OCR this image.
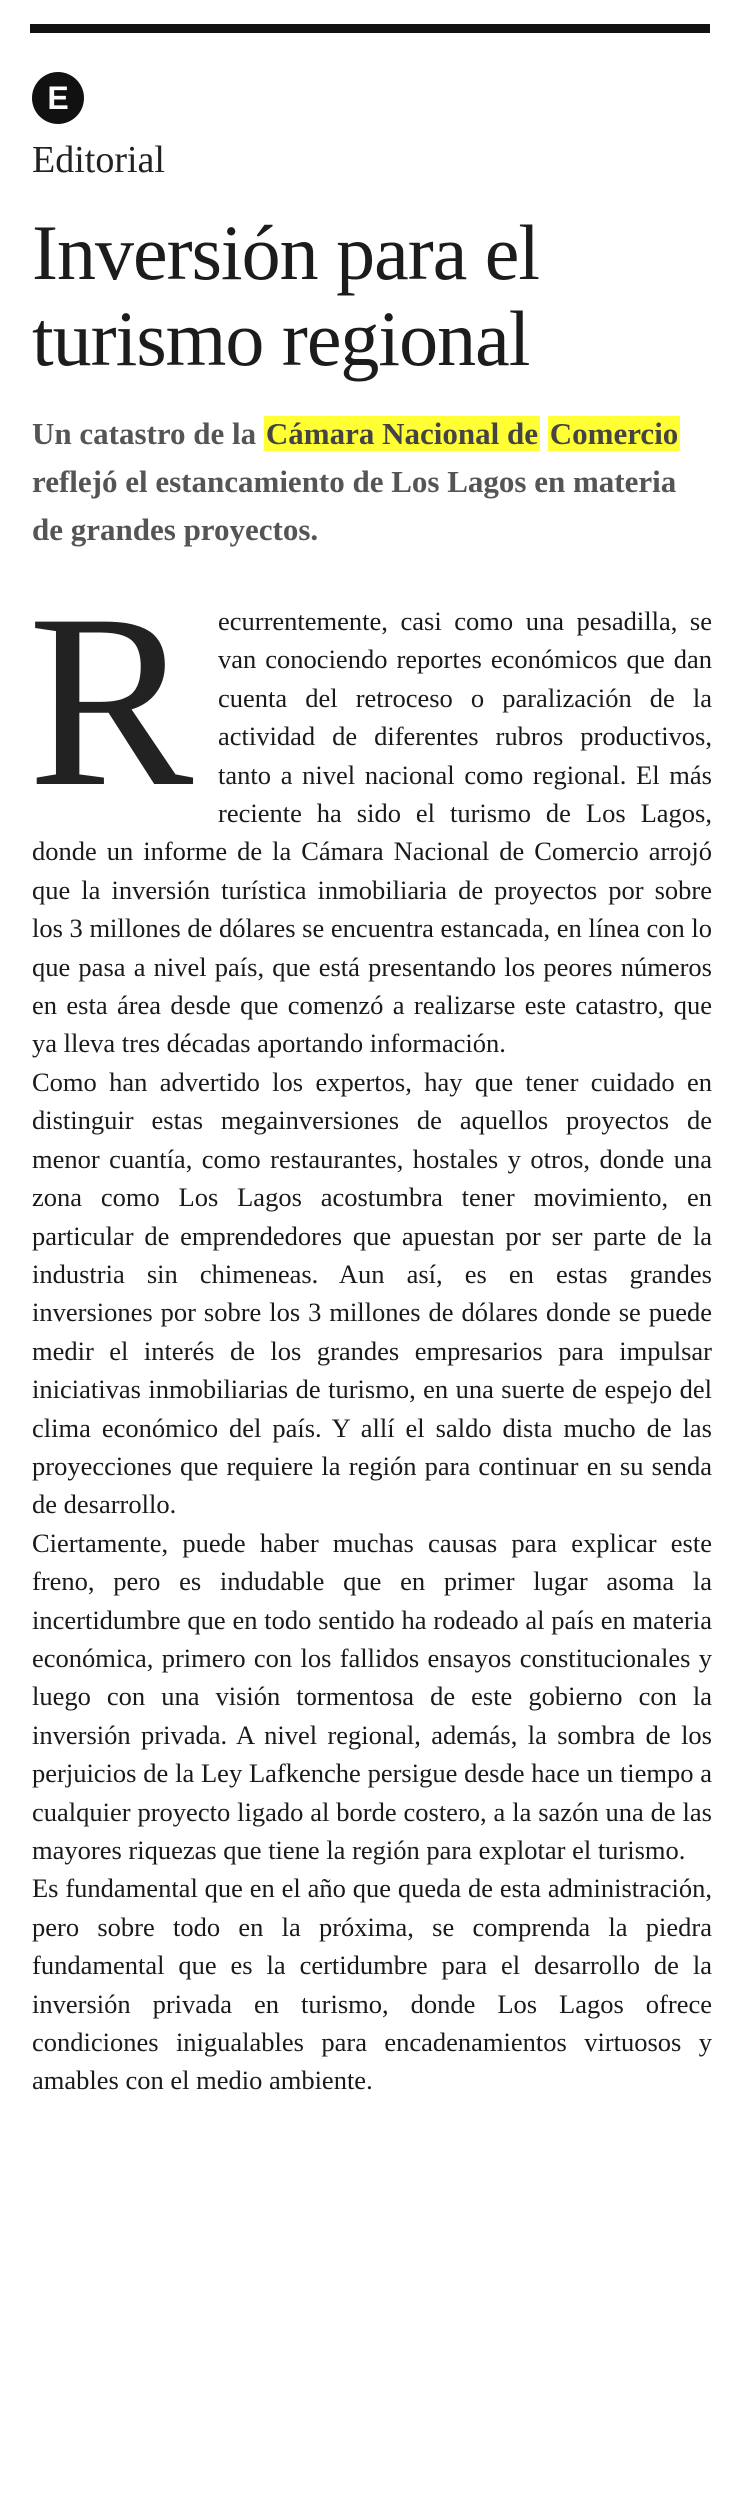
E
Editorial
Inversión para el
turismo regional

Un catastro de la Cámara Nacional de Comercio reflejó el estancamiento de Los Lagos en materia de grandes proyectos.

Recurrentemente, casi como una pesadilla, se van conociendo reportes económicos que dan cuenta del retroceso o paralización de la actividad de diferentes rubros productivos, tanto a nivel nacional como regional. El más reciente ha sido el turismo de Los Lagos, donde un informe de la Cámara Nacional de Comercio arrojó que la inversión turística inmobiliaria de proyectos por sobre los 3 millones de dólares se encuentra estancada, en línea con lo que pasa a nivel país, que está presentando los peores números en esta área desde que comenzó a realizarse este catastro, que ya lleva tres décadas aportando información.

Como han advertido los expertos, hay que tener cuidado en distinguir estas megainversiones de aquellos proyectos de menor cuantía, como restaurantes, hostales y otros, donde una zona como Los Lagos acostumbra tener movimiento, en particular de emprendedores que apuestan por ser parte de la industria sin chimeneas. Aun así, es en estas grandes inversiones por sobre los 3 millones de dólares donde se puede medir el interés de los grandes empresarios para impulsar iniciativas inmobiliarias de turismo, en una suerte de espejo del clima económico del país. Y allí el saldo dista mucho de las proyecciones que requiere la región para continuar en su senda de desarrollo.

Ciertamente, puede haber muchas causas para explicar este freno, pero es indudable que en primer lugar asoma la incertidumbre que en todo sentido ha rodeado al país en materia económica, primero con los fallidos ensayos constitucionales y luego con una visión tormentosa de este gobierno con la inversión privada. A nivel regional, además, la sombra de los perjuicios de la Ley Lafkenche persigue desde hace un tiempo a cualquier proyecto ligado al borde costero, a la sazón una de las mayores riquezas que tiene la región para explotar el turismo.

Es fundamental que en el año que queda de esta administración, pero sobre todo en la próxima, se comprenda la piedra fundamental que es la certidumbre para el desarrollo de la inversión privada en turismo, donde Los Lagos ofrece condiciones inigualables para encadenamientos virtuosos y amables con el medio ambiente.
